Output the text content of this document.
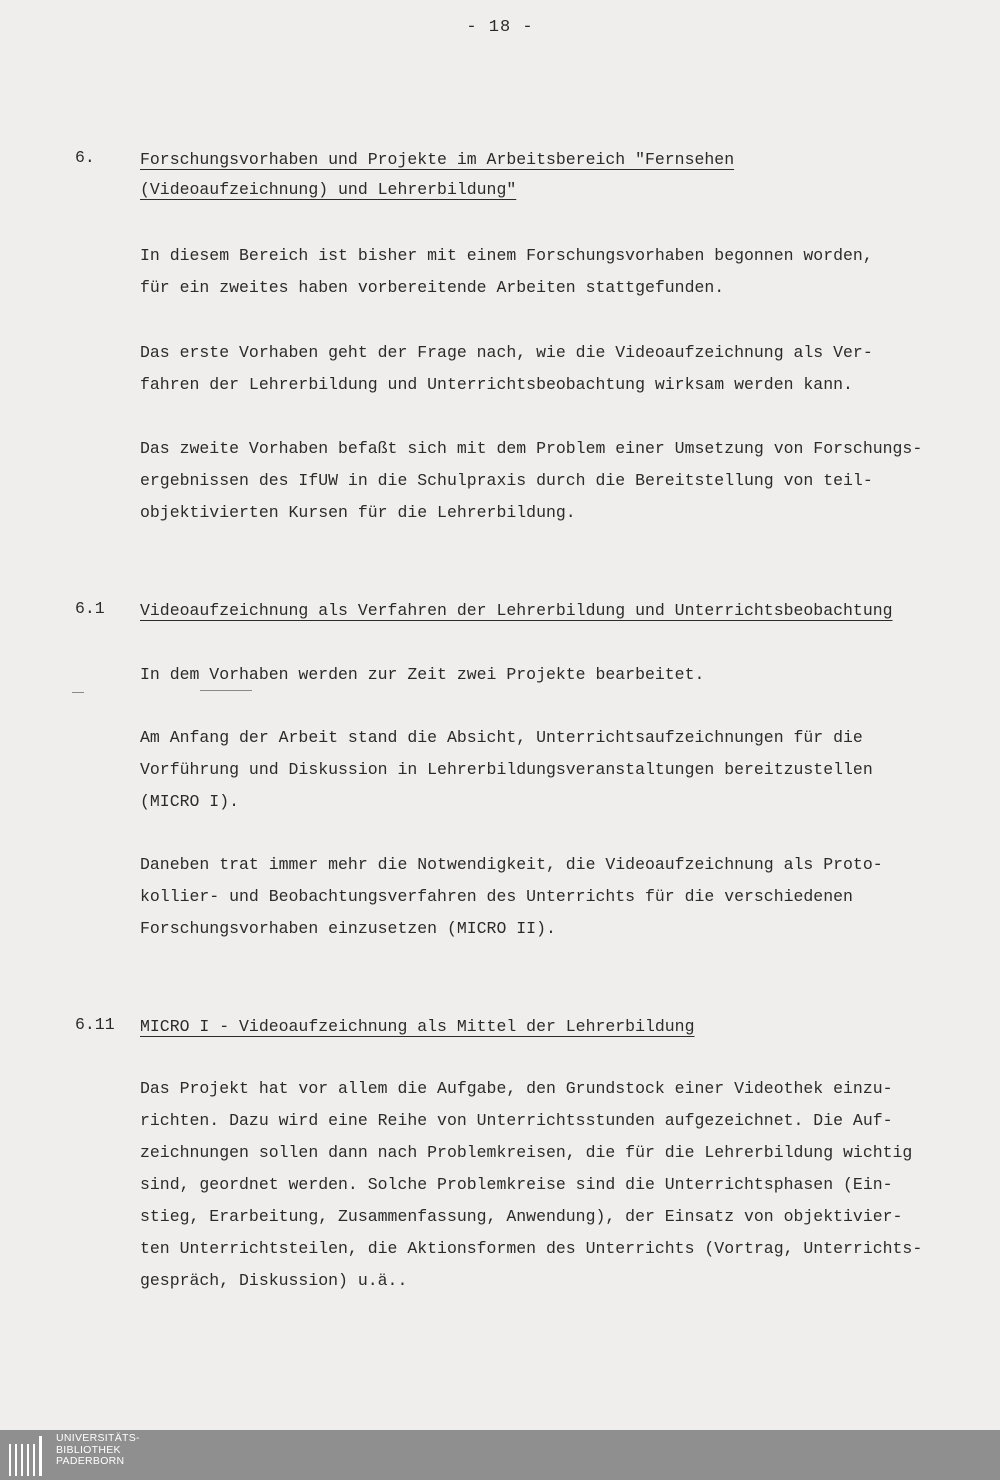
- 18 -
6.	Forschungsvorhaben und Projekte im Arbeitsbereich "Fernsehen
(Videoaufzeichnung) und Lehrerbildung"
In diesem Bereich ist bisher mit einem Forschungsvorhaben begonnen worden,
für ein zweites haben vorbereitende Arbeiten stattgefunden.
Das erste Vorhaben geht der Frage nach, wie die Videoaufzeichnung als Ver-
fahren der Lehrerbildung und Unterrichtsbeobachtung wirksam werden kann.
Das zweite Vorhaben befaßt sich mit dem Problem einer Umsetzung von Forschungs-
ergebnissen des IfUW in die Schulpraxis durch die Bereitstellung von teil-
objektivierten Kursen für die Lehrerbildung.
6.1 Videoaufzeichnung als Verfahren der Lehrerbildung und Unterrichtsbeobachtung
In dem Vorhaben werden zur Zeit zwei Projekte bearbeitet.
Am Anfang der Arbeit stand die Absicht, Unterrichtsaufzeichnungen für die
Vorführung und Diskussion in Lehrerbildungsveranstaltungen bereitzustellen
(MICRO I).
Daneben trat immer mehr die Notwendigkeit, die Videoaufzeichnung als Proto-
kollier- und Beobachtungsverfahren des Unterrichts für die verschiedenen
Forschungsvorhaben einzusetzen (MICRO II).
6.11 MICRO I - Videoaufzeichnung als Mittel der Lehrerbildung
Das Projekt hat vor allem die Aufgabe, den Grundstock einer Videothek einzu-
richten. Dazu wird eine Reihe von Unterrichtsstunden aufgezeichnet. Die Auf-
zeichnungen sollen dann nach Problemkreisen, die für die Lehrerbildung wichtig
sind, geordnet werden. Solche Problemkreise sind die Unterrichtsphasen (Ein-
stieg, Erarbeitung, Zusammenfassung, Anwendung), der Einsatz von objektivier-
ten Unterrichtsteilen, die Aktionsformen des Unterrichts (Vortrag, Unterrichts-
gespräch, Diskussion) u.ä..
UNIVERSITÄTS-
BIBLIOTHEK
PADERBORN
